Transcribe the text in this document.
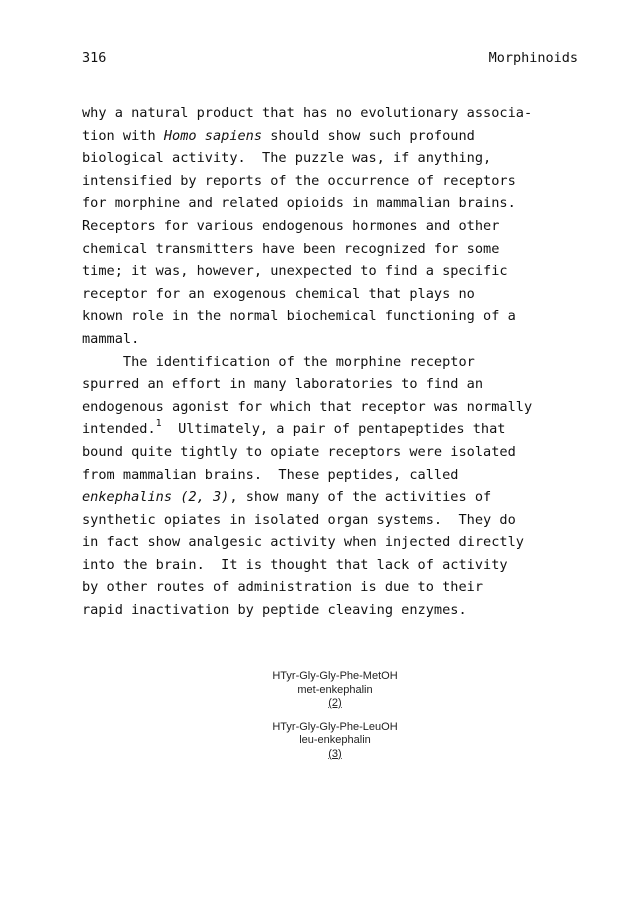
316	Morphinoids
why a natural product that has no evolutionary associa-
tion with Homo sapiens should show such profound
biological activity.  The puzzle was, if anything,
intensified by reports of the occurrence of receptors
for morphine and related opioids in mammalian brains.
Receptors for various endogenous hormones and other
chemical transmitters have been recognized for some
time; it was, however, unexpected to find a specific
receptor for an exogenous chemical that plays no
known role in the normal biochemical functioning of a
mammal.
The identification of the morphine receptor
spurred an effort in many laboratories to find an
endogenous agonist for which that receptor was normally
intended.$^1$  Ultimately, a pair of pentapeptides that
bound quite tightly to opiate receptors were isolated
from mammalian brains.  These peptides, called
enkephalins (2, 3), show many of the activities of
synthetic opiates in isolated organ systems.  They do
in fact show analgesic activity when injected directly
into the brain.  It is thought that lack of activity
by other routes of administration is due to their
rapid inactivation by peptide cleaving enzymes.
HTyr-Gly-Gly-Phe-MetOH
met-enkephalin
(2)
HTyr-Gly-Gly-Phe-LeuOH
leu-enkephalin
(3)
